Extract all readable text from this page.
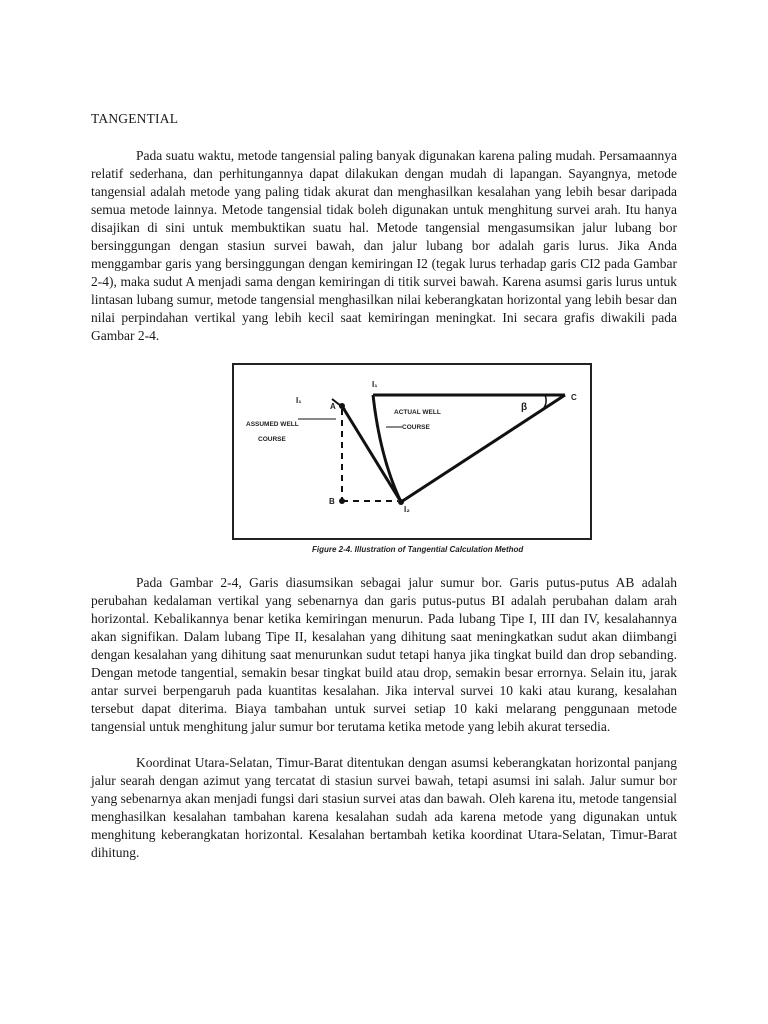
TANGENTIAL

Pada suatu waktu, metode tangensial paling banyak digunakan karena paling mudah. Persamaannya relatif sederhana, dan perhitungannya dapat dilakukan dengan mudah di lapangan. Sayangnya, metode tangensial adalah metode yang paling tidak akurat dan menghasilkan kesalahan yang lebih besar daripada semua metode lainnya. Metode tangensial tidak boleh digunakan untuk menghitung survei arah. Itu hanya disajikan di sini untuk membuktikan suatu hal. Metode tangensial mengasumsikan jalur lubang bor bersinggungan dengan stasiun survei bawah, dan jalur lubang bor adalah garis lurus. Jika Anda menggambar garis yang bersinggungan dengan kemiringan I2 (tegak lurus terhadap garis CI2 pada Gambar 2-4), maka sudut A menjadi sama dengan kemiringan di titik survei bawah. Karena asumsi garis lurus untuk lintasan lubang sumur, metode tangensial menghasilkan nilai keberangkatan horizontal yang lebih besar dan nilai perpindahan vertikal yang lebih kecil saat kemiringan meningkat. Ini secara grafis diwakili pada Gambar 2-4.

I₁
I₁
A
B
I₂
C
β
ACTUAL WELL
COURSE
ASSUMED WELL
COURSE
Figure 2-4. Illustration of Tangential Calculation Method

Pada Gambar 2-4, Garis diasumsikan sebagai jalur sumur bor. Garis putus-putus AB adalah perubahan kedalaman vertikal yang sebenarnya dan garis putus-putus BI adalah perubahan dalam arah horizontal. Kebalikannya benar ketika kemiringan menurun. Pada lubang Tipe I, III dan IV, kesalahannya akan signifikan. Dalam lubang Tipe II, kesalahan yang dihitung saat meningkatkan sudut akan diimbangi dengan kesalahan yang dihitung saat menurunkan sudut tetapi hanya jika tingkat build dan drop sebanding. Dengan metode tangential, semakin besar tingkat build atau drop, semakin besar errornya. Selain itu, jarak antar survei berpengaruh pada kuantitas kesalahan. Jika interval survei 10 kaki atau kurang, kesalahan tersebut dapat diterima. Biaya tambahan untuk survei setiap 10 kaki melarang penggunaan metode tangensial untuk menghitung jalur sumur bor terutama ketika metode yang lebih akurat tersedia.

Koordinat Utara-Selatan, Timur-Barat ditentukan dengan asumsi keberangkatan horizontal panjang jalur searah dengan azimut yang tercatat di stasiun survei bawah, tetapi asumsi ini salah. Jalur sumur bor yang sebenarnya akan menjadi fungsi dari stasiun survei atas dan bawah. Oleh karena itu, metode tangensial menghasilkan kesalahan tambahan karena kesalahan sudah ada karena metode yang digunakan untuk menghitung keberangkatan horizontal. Kesalahan bertambah ketika koordinat Utara-Selatan, Timur-Barat dihitung.
